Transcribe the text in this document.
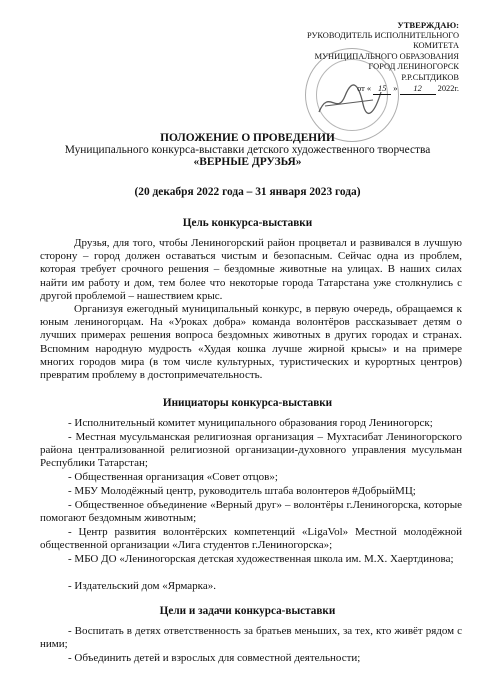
УТВЕРЖДАЮ:
РУКОВОДИТЕЛЬ ИСПОЛНИТЕЛЬНОГО
КОМИТЕТА
МУНИЦИПАЛЬНОГО ОБРАЗОВАНИЯ
ГОРОД ЛЕНИНОГОРСК
Р.Р.СЫТДИКОВ
от « 15 » 12 2022г.
ПОЛОЖЕНИЕ О ПРОВЕДЕНИИ
Муниципального конкурса-выставки детского художественного творчества
«ВЕРНЫЕ ДРУЗЬЯ»
(20 декабря 2022 года – 31 января 2023 года)
Цель конкурса-выставки

Друзья, для того, чтобы Лениногорский район процветал и развивался в лучшую сторону – город должен оставаться чистым и безопасным. Сейчас одна из проблем, которая требует срочного решения – бездомные животные на улицах. В наших силах найти им работу и дом, тем более что некоторые города Татарстана уже столкнулись с другой проблемой – нашествием крыс.

Организуя ежегодный муниципальный конкурс, в первую очередь, обращаемся к юным лениногорцам. На «Уроках добра» команда волонтёров рассказывает детям о лучших примерах решения вопроса бездомных животных в других городах и странах. Вспомним народную мудрость «Худая кошка лучше жирной крысы» и на примере многих городов мира (в том числе культурных, туристических и курортных центров) превратим проблему в достопримечательность.

Инициаторы конкурса-выставки

- Исполнительный комитет муниципального образования город Лениногорск;

- Местная мусульманская религиозная организация – Мухтасибат Лениногорского района централизованной религиозной организации-духовного управления мусульман Республики Татарстан;

- Общественная организация «Совет отцов»;

- МБУ Молодёжный центр, руководитель штаба волонтеров #ДобрыйМЦ;

- Общественное объединение «Верный друг» – волонтёры г.Лениногорска, которые помогают бездомным животным;

- Центр развития волонтёрских компетенций «LigaVol» Местной молодёжной общественной организации «Лига студентов г.Лениногорска»;

- МБО ДО «Лениногорская детская художественная школа им. М.Х. Хаертдинова;

- Издательский дом «Ярмарка».

Цели и задачи конкурса-выставки

- Воспитать в детях ответственность за братьев меньших, за тех, кто живёт рядом с ними;

- Объединить детей и взрослых для совместной деятельности;
